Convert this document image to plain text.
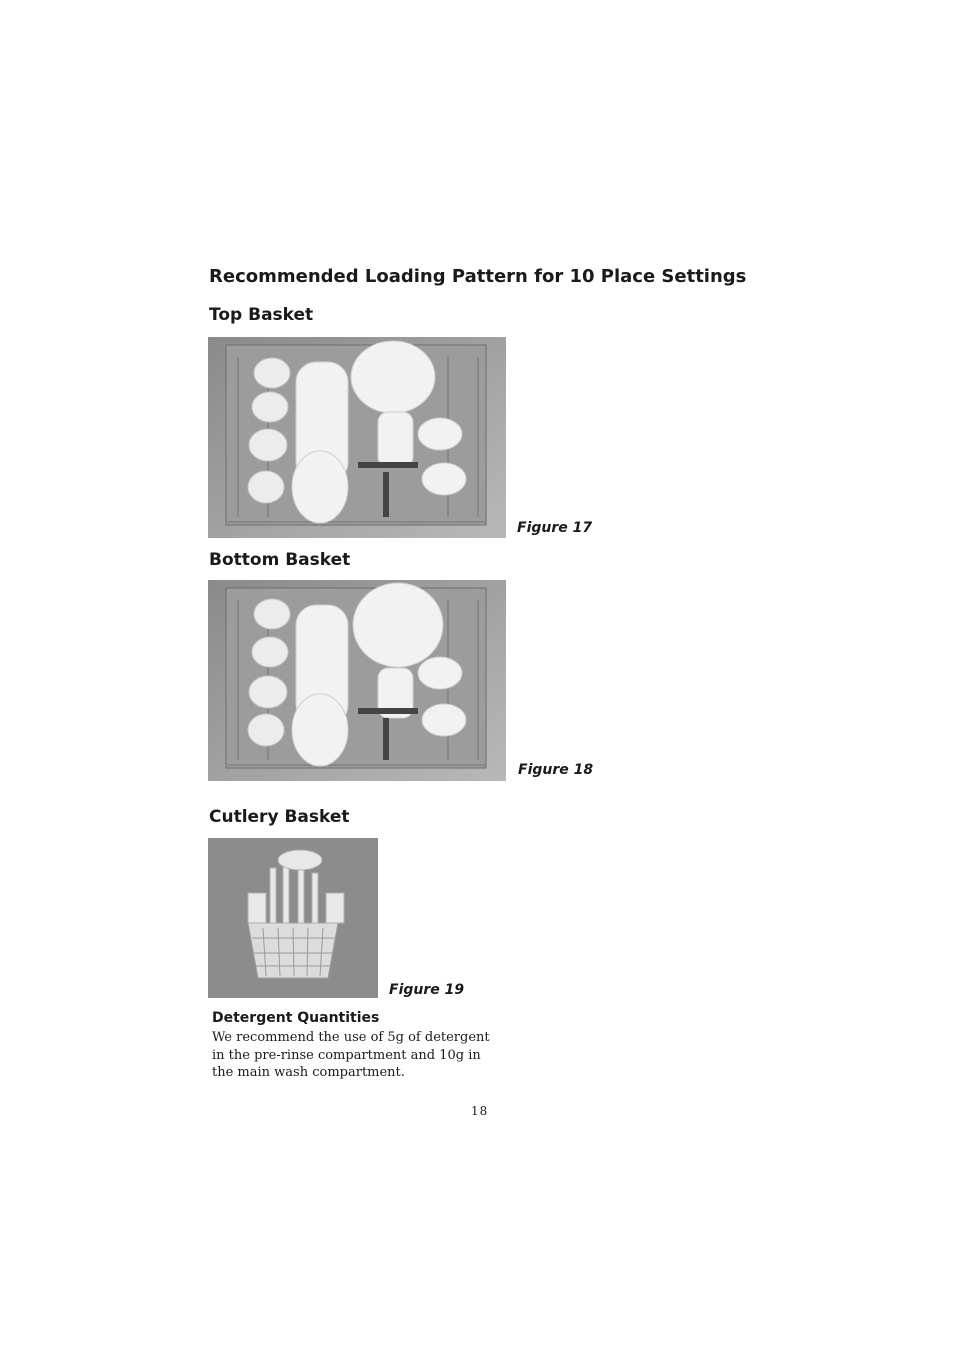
Recommended Loading Pattern for 10 Place Settings
Top Basket
Figure 17
Bottom Basket
Figure 18
Cutlery Basket
Figure 19
Detergent Quantities
We recommend the use of 5g of detergent
in the pre-rinse compartment and 10g in
the main wash compartment.
18
